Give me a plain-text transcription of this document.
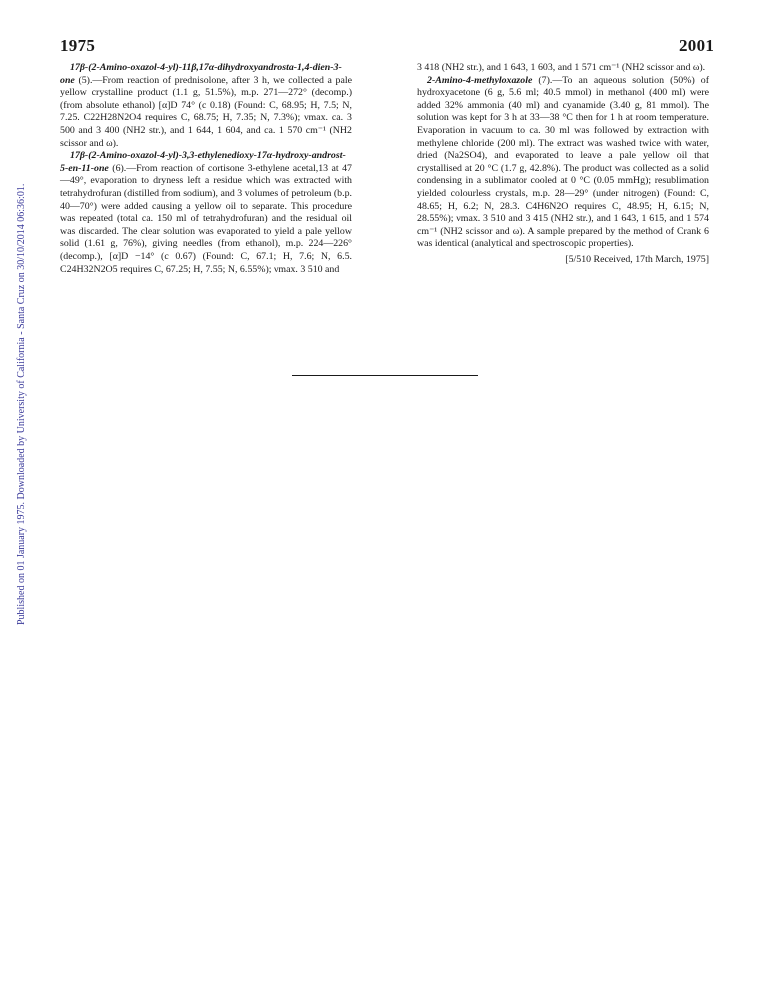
1975	2001
Published on 01 January 1975. Downloaded by University of California - Santa Cruz on 30/10/2014 06:36:01.

17β-(2-Amino-oxazol-4-yl)-11β,17α-dihydroxyandrosta-1,4-dien-3-one (5).—From reaction of prednisolone, after 3 h, we collected a pale yellow crystalline product (1.1 g, 51.5%), m.p. 271—272° (decomp.) (from absolute ethanol) [α]D 74° (c 0.18) (Found: C, 68.95; H, 7.5; N, 7.25. C22H28N2O4 requires C, 68.75; H, 7.35; N, 7.3%); νmax. ca. 3 500 and 3 400 (NH2 str.), and 1 644, 1 604, and ca. 1 570 cm⁻¹ (NH2 scissor and ω).

17β-(2-Amino-oxazol-4-yl)-3,3-ethylenedioxy-17α-hydroxy-androst-5-en-11-one (6).—From reaction of cortisone 3-ethylene acetal,13 at 47—49°, evaporation to dryness left a residue which was extracted with tetrahydrofuran (distilled from sodium), and 3 volumes of petroleum (b.p. 40—70°) were added causing a yellow oil to separate. This procedure was repeated (total ca. 150 ml of tetrahydrofuran) and the residual oil was discarded. The clear solution was evaporated to yield a pale yellow solid (1.61 g, 76%), giving needles (from ethanol), m.p. 224—226° (decomp.), [α]D −14° (c 0.67) (Found: C, 67.1; H, 7.6; N, 6.5. C24H32N2O5 requires C, 67.25; H, 7.55; N, 6.55%); νmax. 3 510 and

3 418 (NH2 str.), and 1 643, 1 603, and 1 571 cm⁻¹ (NH2 scissor and ω).

2-Amino-4-methyloxazole (7).—To an aqueous solution (50%) of hydroxyacetone (6 g, 5.6 ml; 40.5 mmol) in methanol (400 ml) were added 32% ammonia (40 ml) and cyanamide (3.40 g, 81 mmol). The solution was kept for 3 h at 33—38 °C then for 1 h at room temperature. Evaporation in vacuum to ca. 30 ml was followed by extraction with methylene chloride (200 ml). The extract was washed twice with water, dried (Na2SO4), and evaporated to leave a pale yellow oil that crystallised at 20 °C (1.7 g, 42.8%). The product was collected as a solid condensing in a sublimator cooled at 0 °C (0.05 mmHg); resublimation yielded colourless crystals, m.p. 28—29° (under nitrogen) (Found: C, 48.65; H, 6.2; N, 28.3. C4H6N2O requires C, 48.95; H, 6.15; N, 28.55%); νmax. 3 510 and 3 415 (NH2 str.), and 1 643, 1 615, and 1 574 cm⁻¹ (NH2 scissor and ω). A sample prepared by the method of Crank 6 was identical (analytical and spectroscopic properties).

[5/510 Received, 17th March, 1975]
